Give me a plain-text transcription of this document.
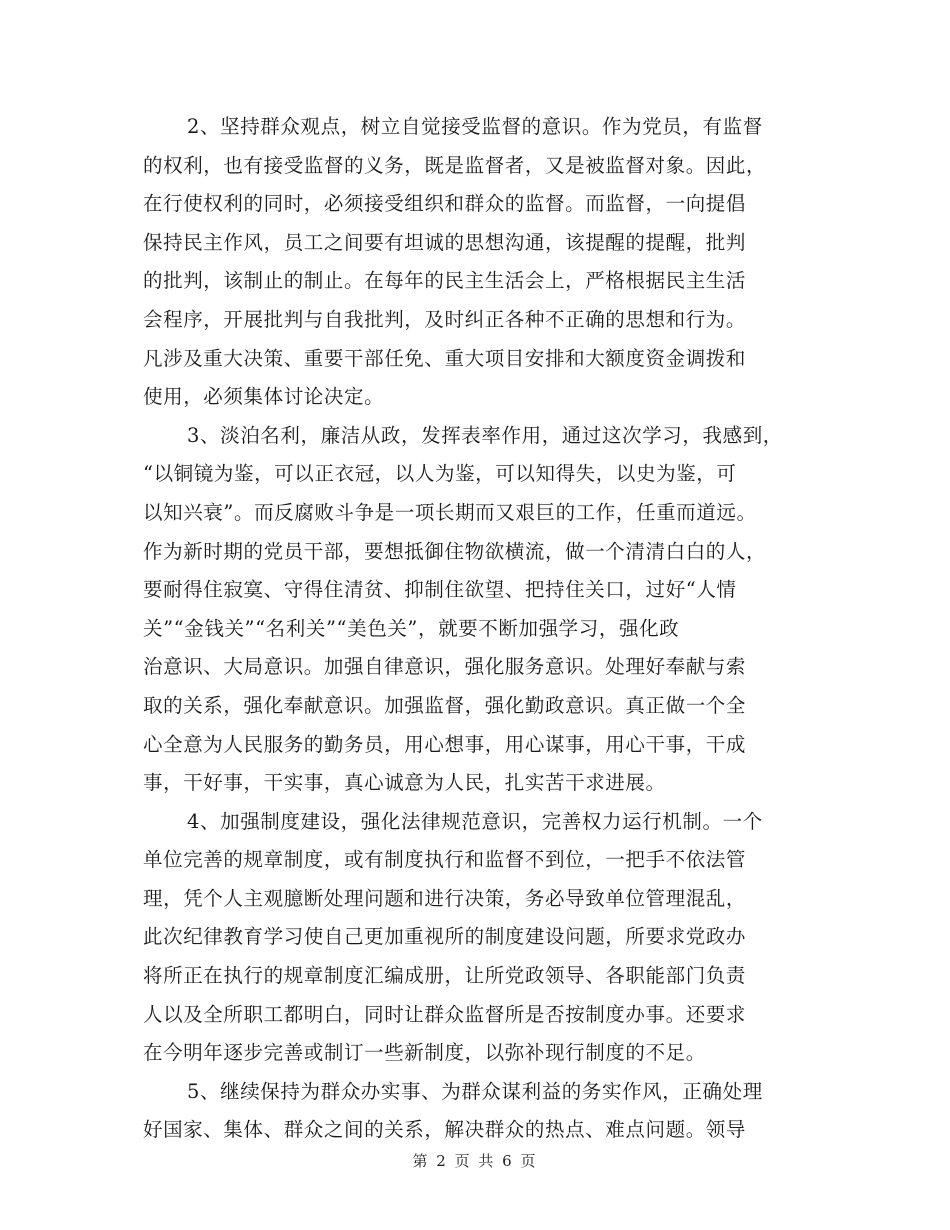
2、坚持群众观点，树立自觉接受监督的意识。作为党员，有监督
的权利，也有接受监督的义务，既是监督者，又是被监督对象。因此，
在行使权利的同时，必须接受组织和群众的监督。而监督，一向提倡
保持民主作风，员工之间要有坦诚的思想沟通，该提醒的提醒，批判
的批判，该制止的制止。在每年的民主生活会上，严格根据民主生活
会程序，开展批判与自我批判，及时纠正各种不正确的思想和行为。
凡涉及重大决策、重要干部任免、重大项目安排和大额度资金调拨和
使用，必须集体讨论决定。
3、淡泊名利，廉洁从政，发挥表率作用，通过这次学习，我感到，
“以铜镜为鉴，可以正衣冠，以人为鉴，可以知得失，以史为鉴，可
以知兴衰”。而反腐败斗争是一项长期而又艰巨的工作，任重而道远。
作为新时期的党员干部，要想抵御住物欲横流，做一个清清白白的人，
要耐得住寂寞、守得住清贫、抑制住欲望、把持住关口，过好“人情
关”“金钱关”“名利关”“美色关”，就要不断加强学习，强化政
治意识、大局意识。加强自律意识，强化服务意识。处理好奉献与索
取的关系，强化奉献意识。加强监督，强化勤政意识。真正做一个全
心全意为人民服务的勤务员，用心想事，用心谋事，用心干事，干成
事，干好事，干实事，真心诚意为人民，扎实苦干求进展。
4、加强制度建设，强化法律规范意识，完善权力运行机制。一个
单位完善的规章制度，或有制度执行和监督不到位，一把手不依法管
理，凭个人主观臆断处理问题和进行决策，务必导致单位管理混乱，
此次纪律教育学习使自己更加重视所的制度建设问题，所要求党政办
将所正在执行的规章制度汇编成册，让所党政领导、各职能部门负责
人以及全所职工都明白，同时让群众监督所是否按制度办事。还要求
在今明年逐步完善或制订一些新制度，以弥补现行制度的不足。
5、继续保持为群众办实事、为群众谋利益的务实作风，正确处理
好国家、集体、群众之间的关系，解决群众的热点、难点问题。领导
第 2 页 共 6 页
